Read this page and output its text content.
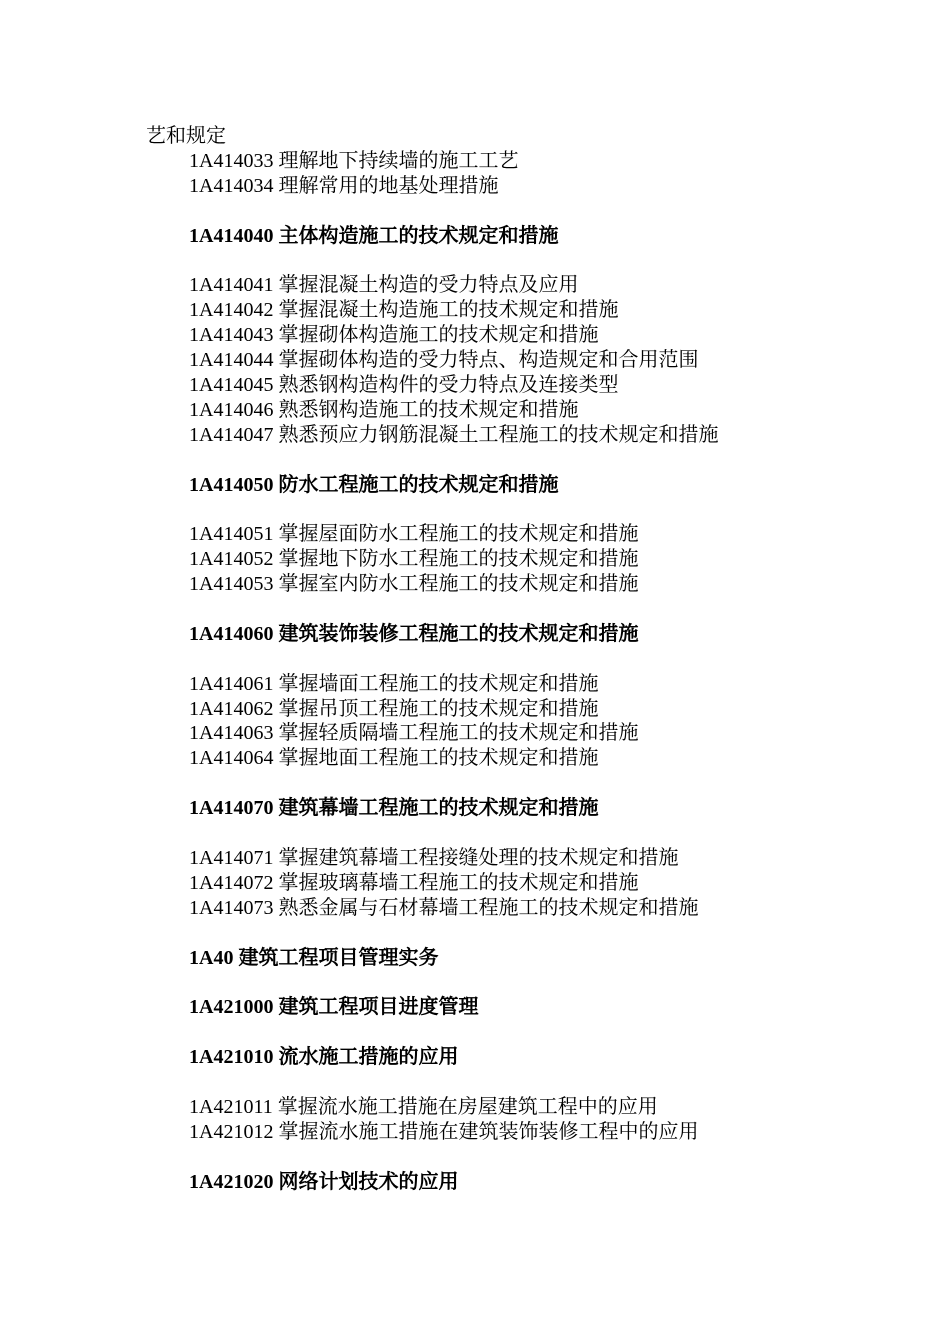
艺和规定
1A414033 理解地下持续墙的施工工艺
1A414034 理解常用的地基处理措施
1A414040 主体构造施工的技术规定和措施
1A414041 掌握混凝土构造的受力特点及应用
1A414042 掌握混凝土构造施工的技术规定和措施
1A414043 掌握砌体构造施工的技术规定和措施
1A414044 掌握砌体构造的受力特点、构造规定和合用范围
1A414045 熟悉钢构造构件的受力特点及连接类型
1A414046 熟悉钢构造施工的技术规定和措施
1A414047 熟悉预应力钢筋混凝土工程施工的技术规定和措施
1A414050 防水工程施工的技术规定和措施
1A414051 掌握屋面防水工程施工的技术规定和措施
1A414052 掌握地下防水工程施工的技术规定和措施
1A414053 掌握室内防水工程施工的技术规定和措施
1A414060 建筑装饰装修工程施工的技术规定和措施
1A414061 掌握墙面工程施工的技术规定和措施
1A414062 掌握吊顶工程施工的技术规定和措施
1A414063 掌握轻质隔墙工程施工的技术规定和措施
1A414064 掌握地面工程施工的技术规定和措施
1A414070 建筑幕墙工程施工的技术规定和措施
1A414071 掌握建筑幕墙工程接缝处理的技术规定和措施
1A414072 掌握玻璃幕墙工程施工的技术规定和措施
1A414073 熟悉金属与石材幕墙工程施工的技术规定和措施
1A40 建筑工程项目管理实务
1A421000 建筑工程项目进度管理
1A421010 流水施工措施的应用
1A421011 掌握流水施工措施在房屋建筑工程中的应用
1A421012 掌握流水施工措施在建筑装饰装修工程中的应用
1A421020 网络计划技术的应用
